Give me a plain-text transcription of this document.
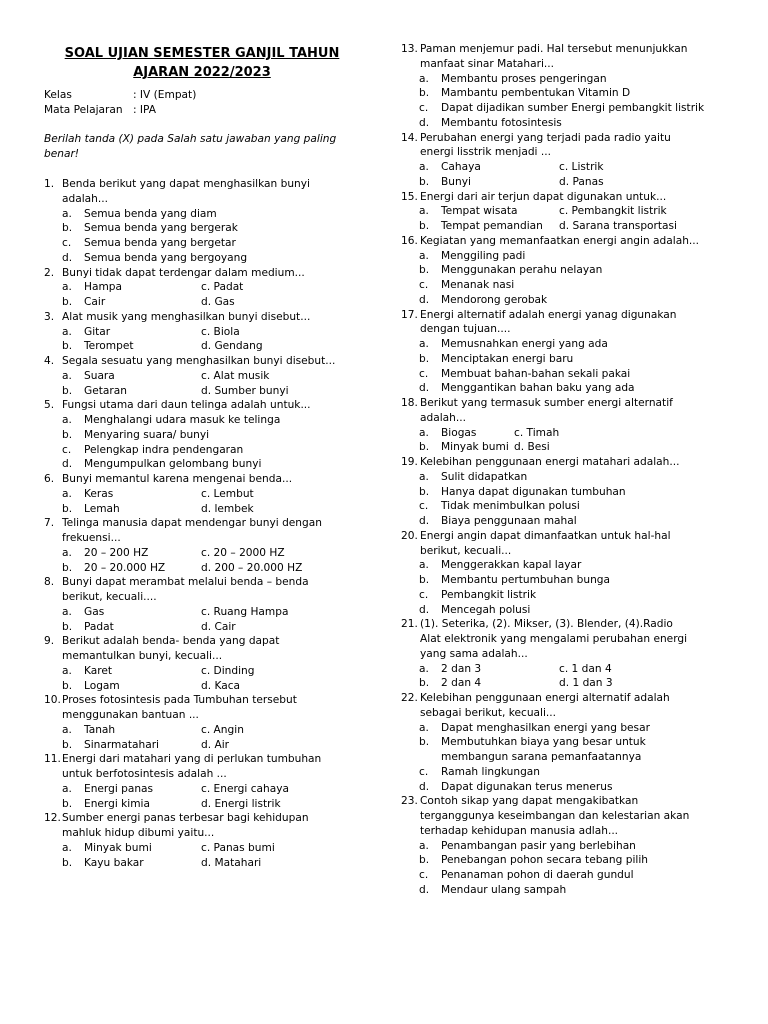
SOAL UJIAN SEMESTER GANJIL TAHUN AJARAN 2022/2023
Kelas	: IV (Empat)
Mata Pelajaran : IPA
Berilah tanda (X) pada Salah satu jawaban yang paling benar!
1. Benda berikut yang dapat menghasilkan bunyi
adalah...
a.	Semua benda yang diam
b.	Semua benda yang bergerak
c.	Semua benda yang bergetar
d.	Semua benda yang bergoyang
2. Bunyi tidak dapat terdengar dalam medium...
a.	Hampa	c. Padat
b.	Cair	d. Gas
3. Alat musik yang menghasilkan bunyi disebut...
a.	Gitar	c. Biola
b.	Terompet	d. Gendang
4. Segala sesuatu yang menghasilkan bunyi disebut...
a.	Suara	c. Alat musik
b.	Getaran	d. Sumber bunyi
5. Fungsi utama dari daun telinga adalah untuk...
a.	Menghalangi udara masuk ke telinga
b.	Menyaring suara/ bunyi
c.	Pelengkap indra pendengaran
d.	Mengumpulkan gelombang bunyi
6. Bunyi memantul karena mengenai benda...
a.	Keras	c. Lembut
b.	Lemah	d. lembek
7. Telinga manusia dapat mendengar bunyi dengan
frekuensi...
a.	20 – 200 HZ	c. 20 – 2000 HZ
b.	20 – 20.000 HZ	d. 200 – 20.000 HZ
8. Bunyi dapat merambat melalui benda – benda
berikut, kecuali....
a.	Gas	c. Ruang Hampa
b.	Padat	d. Cair
9. Berikut adalah benda- benda yang dapat
memantulkan bunyi, kecuali...
a.	Karet	c. Dinding
b.	Logam	d. Kaca
10. Proses fotosintesis pada Tumbuhan tersebut
menggunakan bantuan ...
a.	Tanah	c. Angin
b.	Sinarmatahari	d. Air
11. Energi dari matahari yang di perlukan tumbuhan
untuk berfotosintesis adalah ...
a.	Energi panas	c. Energi cahaya
b.	Energi kimia	d. Energi listrik
12. Sumber energi panas terbesar bagi kehidupan
mahluk hidup dibumi yaitu...
a.	Minyak bumi	c. Panas bumi
b.	Kayu bakar	d. Matahari
13. Paman menjemur padi. Hal tersebut menunjukkan
manfaat sinar Matahari...
a.	Membantu proses pengeringan
b.	Mambantu pembentukan Vitamin D
c.	Dapat dijadikan sumber Energi pembangkit listrik
d.	Membantu fotosintesis
14. Perubahan energi yang terjadi pada radio yaitu
energi lisstrik menjadi ...
a.	Cahaya	c. Listrik
b.	Bunyi	d. Panas
15. Energi dari air terjun dapat digunakan untuk...
a.	Tempat wisata	c. Pembangkit listrik
b.	Tempat pemandian	d. Sarana transportasi
16. Kegiatan yang memanfaatkan energi angin adalah...
a.	Menggiling padi
b.	Menggunakan perahu nelayan
c.	Menanak nasi
d.	Mendorong gerobak
17. Energi alternatif adalah energi yanag digunakan
dengan tujuan....
a.	Memusnahkan energi yang ada
b.	Menciptakan energi baru
c.	Membuat bahan-bahan sekali pakai
d.	Menggantikan bahan baku yang ada
18. Berikut yang termasuk sumber energi alternatif
adalah...
a.	Biogas	c. Timah
b.	Minyak bumi d. Besi
19. Kelebihan penggunaan energi matahari adalah...
a.	Sulit didapatkan
b.	Hanya dapat digunakan tumbuhan
c.	Tidak menimbulkan polusi
d.	Biaya penggunaan mahal
20. Energi angin dapat dimanfaatkan untuk hal-hal
berikut, kecuali...
a.	Menggerakkan kapal layar
b.	Membantu pertumbuhan bunga
c.	Pembangkit listrik
d.	Mencegah polusi
21. (1). Seterika, (2). Mikser, (3). Blender, (4).Radio
Alat elektronik yang mengalami perubahan energi
yang sama adalah...
a.	2 dan 3	c. 1 dan 4
b.	2 dan 4	d. 1 dan 3
22. Kelebihan penggunaan energi alternatif adalah
sebagai berikut, kecuali...
a.	Dapat menghasilkan energi yang besar
b.	Membutuhkan biaya yang besar untuk membangun sarana pemanfaatannya
c.	Ramah lingkungan
d.	Dapat digunakan terus menerus
23. Contoh sikap yang dapat mengakibatkan
terganggunya keseimbangan dan kelestarian akan
terhadap kehidupan manusia adlah...
a.	Penambangan pasir yang berlebihan
b.	Penebangan pohon secara tebang pilih
c.	Penanaman pohon di daerah gundul
d.	Mendaur ulang sampah
